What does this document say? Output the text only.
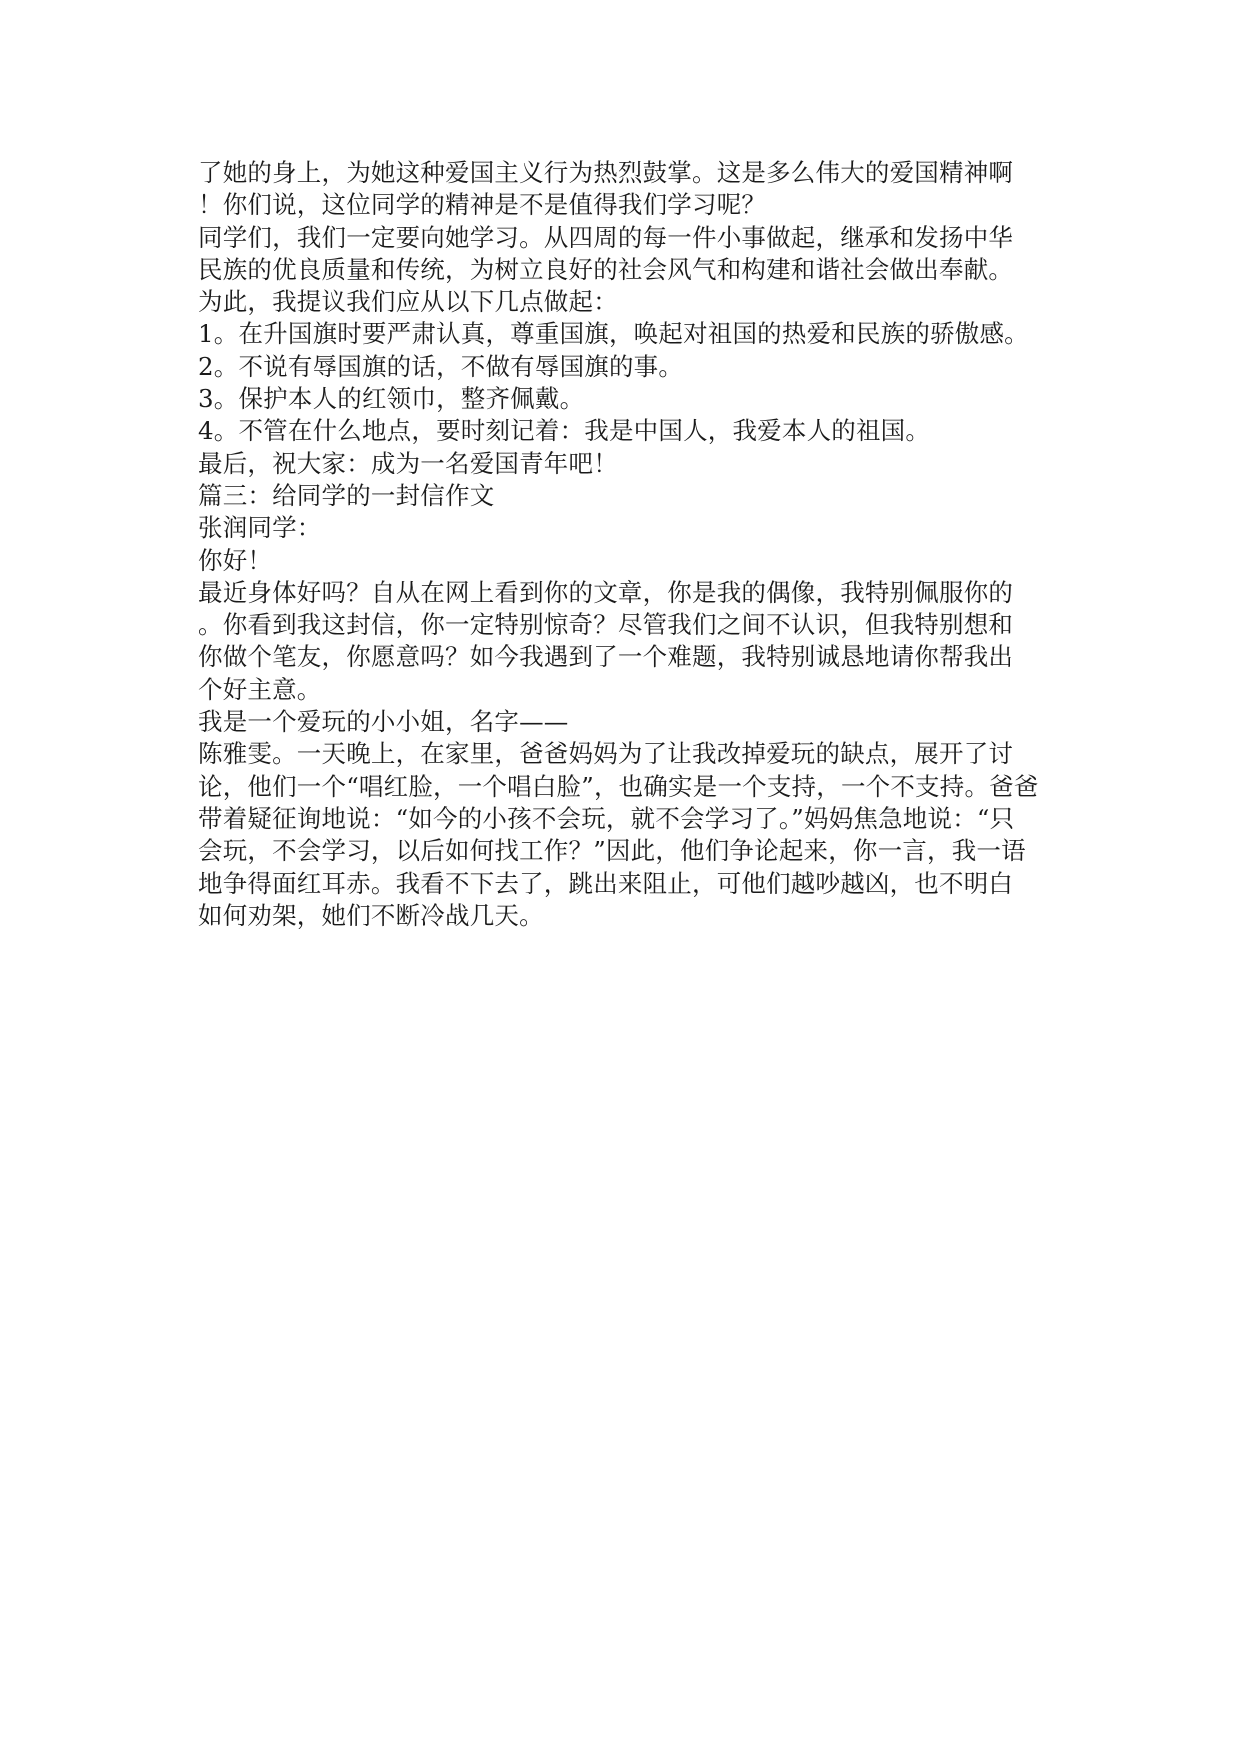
了她的身上，为她这种爱国主义行为热烈鼓掌。这是多么伟大的爱国精神啊
！你们说，这位同学的精神是不是值得我们学习呢？
同学们，我们一定要向她学习。从四周的每一件小事做起，继承和发扬中华
民族的优良质量和传统，为树立良好的社会风气和构建和谐社会做出奉献。
为此，我提议我们应从以下几点做起：
1。在升国旗时要严肃认真，尊重国旗，唤起对祖国的热爱和民族的骄傲感。
2。不说有辱国旗的话，不做有辱国旗的事。
3。保护本人的红领巾，整齐佩戴。
4。不管在什么地点，要时刻记着：我是中国人，我爱本人的祖国。
最后，祝大家：成为一名爱国青年吧！
篇三：给同学的一封信作文
张润同学：
你好！
最近身体好吗？自从在网上看到你的文章，你是我的偶像，我特别佩服你的
。你看到我这封信，你一定特别惊奇？尽管我们之间不认识，但我特别想和
你做个笔友，你愿意吗？如今我遇到了一个难题，我特别诚恳地请你帮我出
个好主意。
我是一个爱玩的小小姐，名字——
陈雅雯。一天晚上，在家里，爸爸妈妈为了让我改掉爱玩的缺点，展开了讨
论，他们一个“唱红脸，一个唱白脸”，也确实是一个支持，一个不支持。爸爸
带着疑征询地说：“如今的小孩不会玩，就不会学习了。”妈妈焦急地说：“只
会玩，不会学习，以后如何找工作？”因此，他们争论起来，你一言，我一语
地争得面红耳赤。我看不下去了，跳出来阻止，可他们越吵越凶，也不明白
如何劝架，她们不断冷战几天。
